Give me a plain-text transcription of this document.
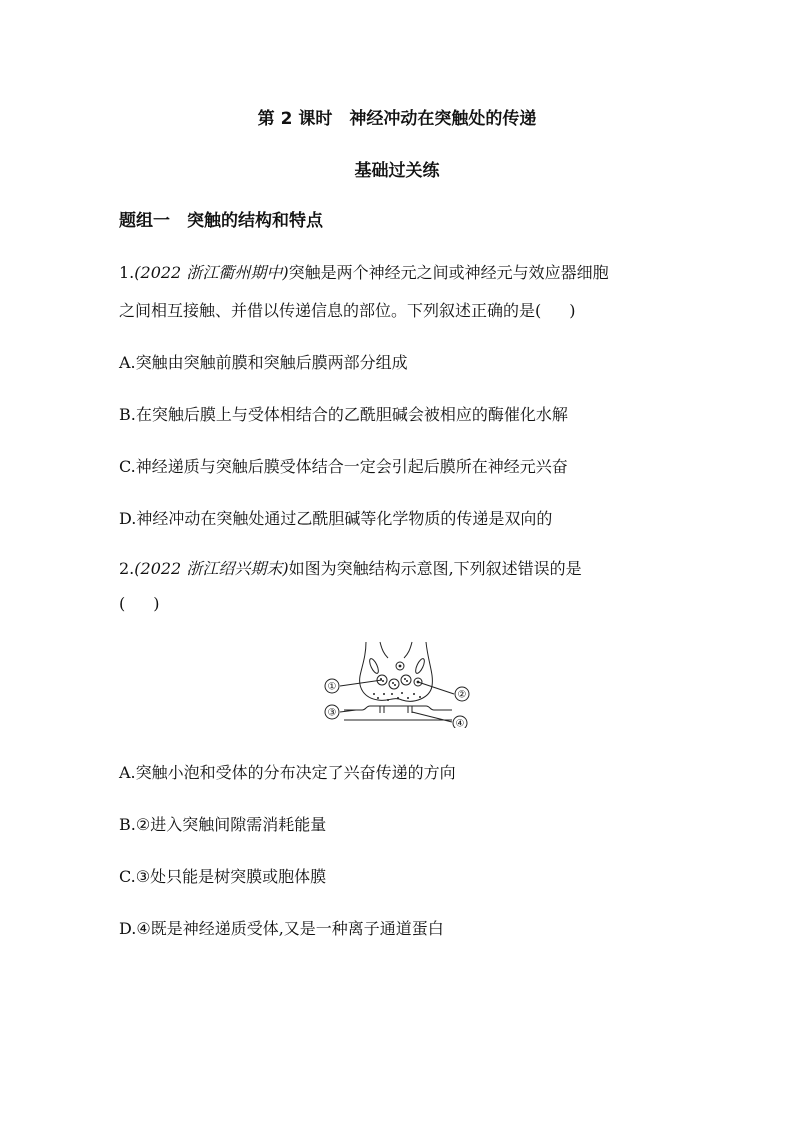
第 2 课时　神经冲动在突触处的传递
基础过关练
题组一　突触的结构和特点
1.(2022 浙江衢州期中)突触是两个神经元之间或神经元与效应器细胞
之间相互接触、并借以传递信息的部位。下列叙述正确的是( )
A.突触由突触前膜和突触后膜两部分组成
B.在突触后膜上与受体相结合的乙酰胆碱会被相应的酶催化水解
C.神经递质与突触后膜受体结合一定会引起后膜所在神经元兴奋
D.神经冲动在突触处通过乙酰胆碱等化学物质的传递是双向的
2.(2022 浙江绍兴期末)如图为突触结构示意图,下列叙述错误的是
( )
①
②
③
④
A.突触小泡和受体的分布决定了兴奋传递的方向
B.②进入突触间隙需消耗能量
C.③处只能是树突膜或胞体膜
D.④既是神经递质受体,又是一种离子通道蛋白
